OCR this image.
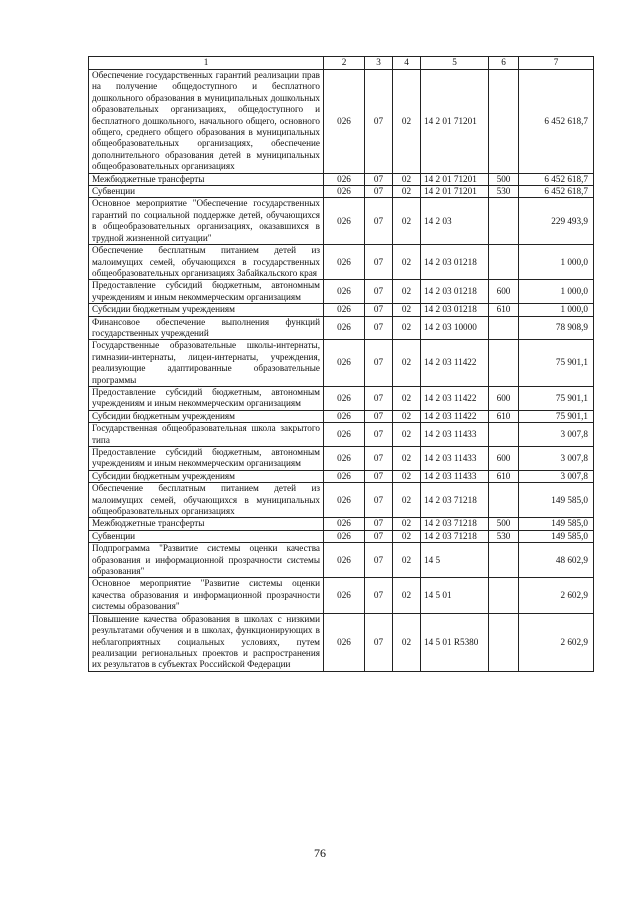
1	2	3	4	5	6	7
Обеспечение государственных гарантий реализации прав на получение общедоступного и бесплатного дошкольного образования в муниципальных дошкольных образовательных организациях, общедоступного и бесплатного дошкольного, начального общего, основного общего, среднего общего образования в муниципальных общеобразовательных организациях, обеспечение дополнительного образования детей в муниципальных общеобразовательных организациях	026	07	02	14 2 01 71201		6 452 618,7
Межбюджетные трансферты	026	07	02	14 2 01 71201	500	6 452 618,7
Субвенции	026	07	02	14 2 01 71201	530	6 452 618,7
Основное мероприятие "Обеспечение государственных гарантий по социальной поддержке детей, обучающихся в общеобразовательных организациях, оказавшихся в трудной жизненной ситуации"	026	07	02	14 2 03		229 493,9
Обеспечение бесплатным питанием детей из малоимущих семей, обучающихся в государственных общеобразовательных организациях Забайкальского края	026	07	02	14 2 03 01218		1 000,0
Предоставление субсидий бюджетным, автономным учреждениям и иным некоммерческим организациям	026	07	02	14 2 03 01218	600	1 000,0
Субсидии бюджетным учреждениям	026	07	02	14 2 03 01218	610	1 000,0
Финансовое обеспечение выполнения функций государственных учреждений	026	07	02	14 2 03 10000		78 908,9
Государственные образовательные школы-интернаты, гимназии-интернаты, лицеи-интернаты, учреждения, реализующие адаптированные образовательные программы	026	07	02	14 2 03 11422		75 901,1
Предоставление субсидий бюджетным, автономным учреждениям и иным некоммерческим организациям	026	07	02	14 2 03 11422	600	75 901,1
Субсидии бюджетным учреждениям	026	07	02	14 2 03 11422	610	75 901,1
Государственная общеобразовательная школа закрытого типа	026	07	02	14 2 03 11433		3 007,8
Предоставление субсидий бюджетным, автономным учреждениям и иным некоммерческим организациям	026	07	02	14 2 03 11433	600	3 007,8
Субсидии бюджетным учреждениям	026	07	02	14 2 03 11433	610	3 007,8
Обеспечение бесплатным питанием детей из малоимущих семей, обучающихся в муниципальных общеобразовательных организациях	026	07	02	14 2 03 71218		149 585,0
Межбюджетные трансферты	026	07	02	14 2 03 71218	500	149 585,0
Субвенции	026	07	02	14 2 03 71218	530	149 585,0
Подпрограмма "Развитие системы оценки качества образования и информационной прозрачности системы образования"	026	07	02	14 5		48 602,9
Основное мероприятие "Развитие системы оценки качества образования и информационной прозрачности системы образования"	026	07	02	14 5 01		2 602,9
Повышение качества образования в школах с низкими результатами обучения и в школах, функционирующих в неблагоприятных социальных условиях, путем реализации региональных проектов и распространения их результатов в субъектах Российской Федерации	026	07	02	14 5 01 R5380		2 602,9
76
